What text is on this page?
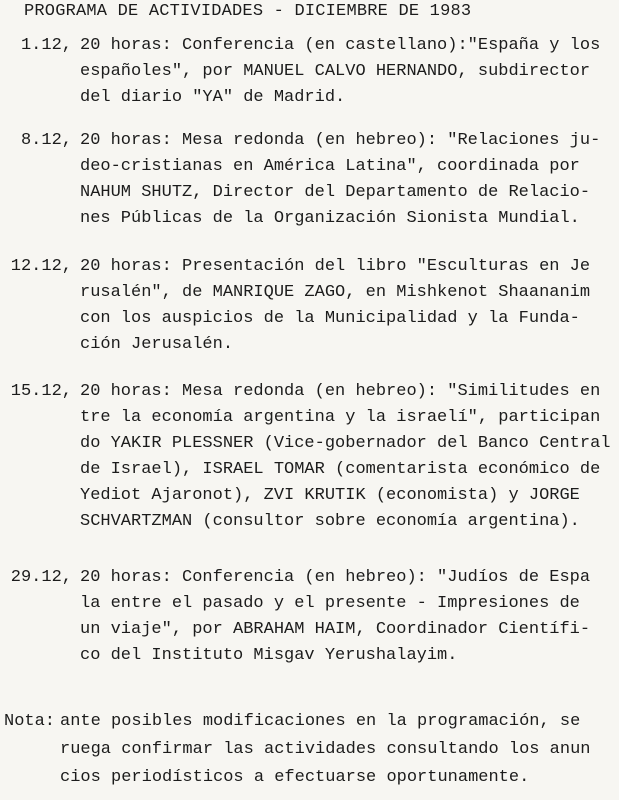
PROGRAMA DE ACTIVIDADES - DICIEMBRE DE 1983
1.12, 20 horas: Conferencia (en castellano):"España y los
españoles", por MANUEL CALVO HERNANDO, subdirector
del diario "YA" de Madrid.
8.12, 20 horas: Mesa redonda (en hebreo): "Relaciones ju-
deo-cristianas en América Latina", coordinada por
NAHUM SHUTZ, Director del Departamento de Relacio-
nes Públicas de la Organización Sionista Mundial.
12.12, 20 horas: Presentación del libro "Esculturas en Je
rusalén", de MANRIQUE ZAGO, en Mishkenot Shaananim
con los auspicios de la Municipalidad y la Funda-
ción Jerusalén.
15.12, 20 horas: Mesa redonda (en hebreo): "Similitudes en
tre la economía argentina y la israelí", participan
do YAKIR PLESSNER (Vice-gobernador del Banco Central
de Israel), ISRAEL TOMAR (comentarista económico de
Yediot Ajaronot), ZVI KRUTIK (economista) y JORGE
SCHVARTZMAN (consultor sobre economía argentina).
29.12, 20 horas: Conferencia (en hebreo): "Judíos de Espa
la entre el pasado y el presente - Impresiones de
un viaje", por ABRAHAM HAIM, Coordinador Científi-
co del Instituto Misgav Yerushalayim.
Nota: ante posibles modificaciones en la programación, se
ruega confirmar las actividades consultando los anun
cios periodísticos a efectuarse oportunamente.
